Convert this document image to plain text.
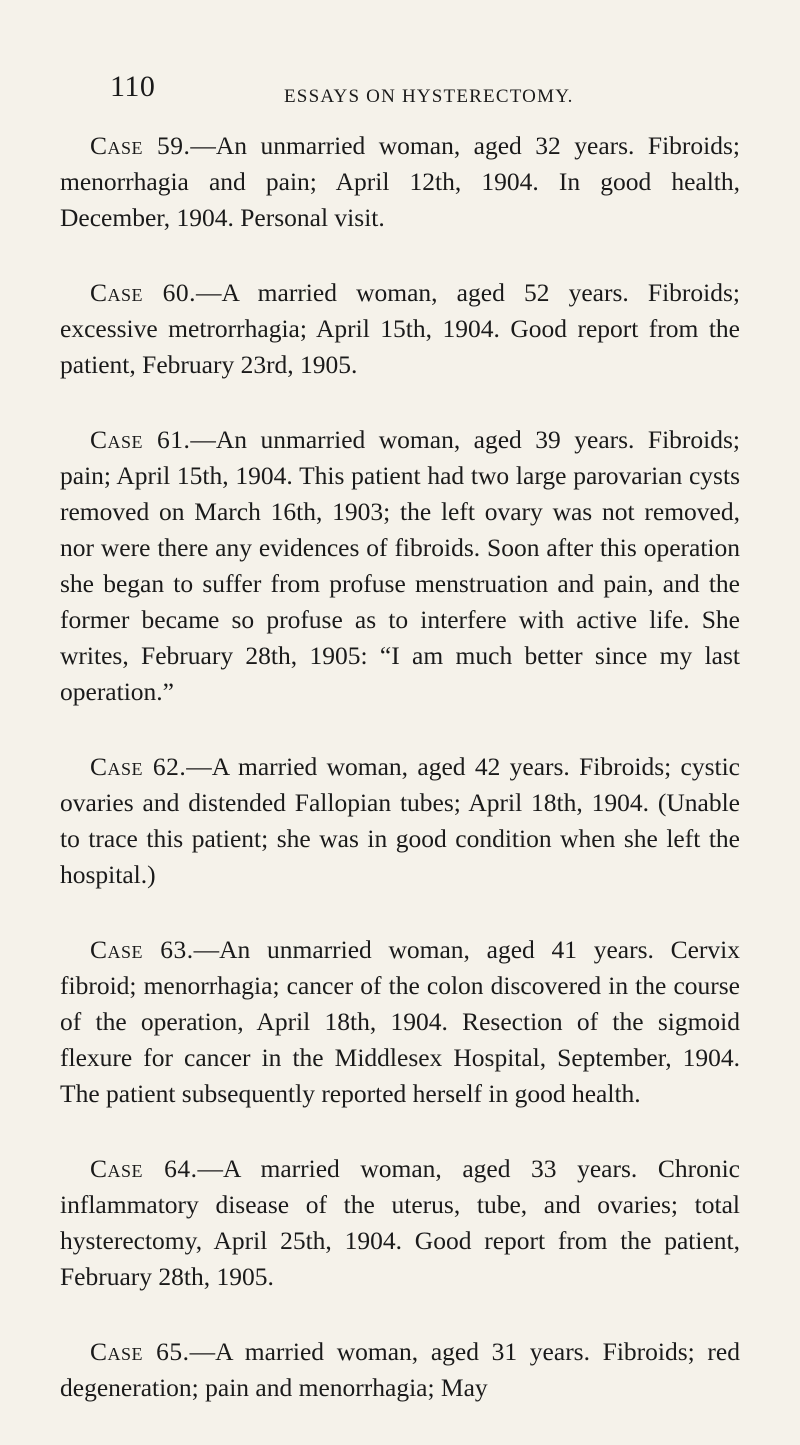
110	ESSAYS ON HYSTERECTOMY.

Case 59.—An unmarried woman, aged 32 years. Fibroids; menorrhagia and pain; April 12th, 1904. In good health, December, 1904. Personal visit.

Case 60.—A married woman, aged 52 years. Fibroids; excessive metrorrhagia; April 15th, 1904. Good report from the patient, February 23rd, 1905.

Case 61.—An unmarried woman, aged 39 years. Fibroids; pain; April 15th, 1904. This patient had two large parovarian cysts removed on March 16th, 1903; the left ovary was not removed, nor were there any evidences of fibroids. Soon after this operation she began to suffer from profuse menstruation and pain, and the former became so profuse as to interfere with active life. She writes, February 28th, 1905: “I am much better since my last operation.”

Case 62.—A married woman, aged 42 years. Fibroids; cystic ovaries and distended Fallopian tubes; April 18th, 1904. (Unable to trace this patient; she was in good condition when she left the hospital.)

Case 63.—An unmarried woman, aged 41 years. Cervix fibroid; menorrhagia; cancer of the colon discovered in the course of the operation, April 18th, 1904. Resection of the sigmoid flexure for cancer in the Middlesex Hospital, September, 1904. The patient subsequently reported herself in good health.

Case 64.—A married woman, aged 33 years. Chronic inflammatory disease of the uterus, tube, and ovaries; total hysterectomy, April 25th, 1904. Good report from the patient, February 28th, 1905.

Case 65.—A married woman, aged 31 years. Fibroids; red degeneration; pain and menorrhagia; May
